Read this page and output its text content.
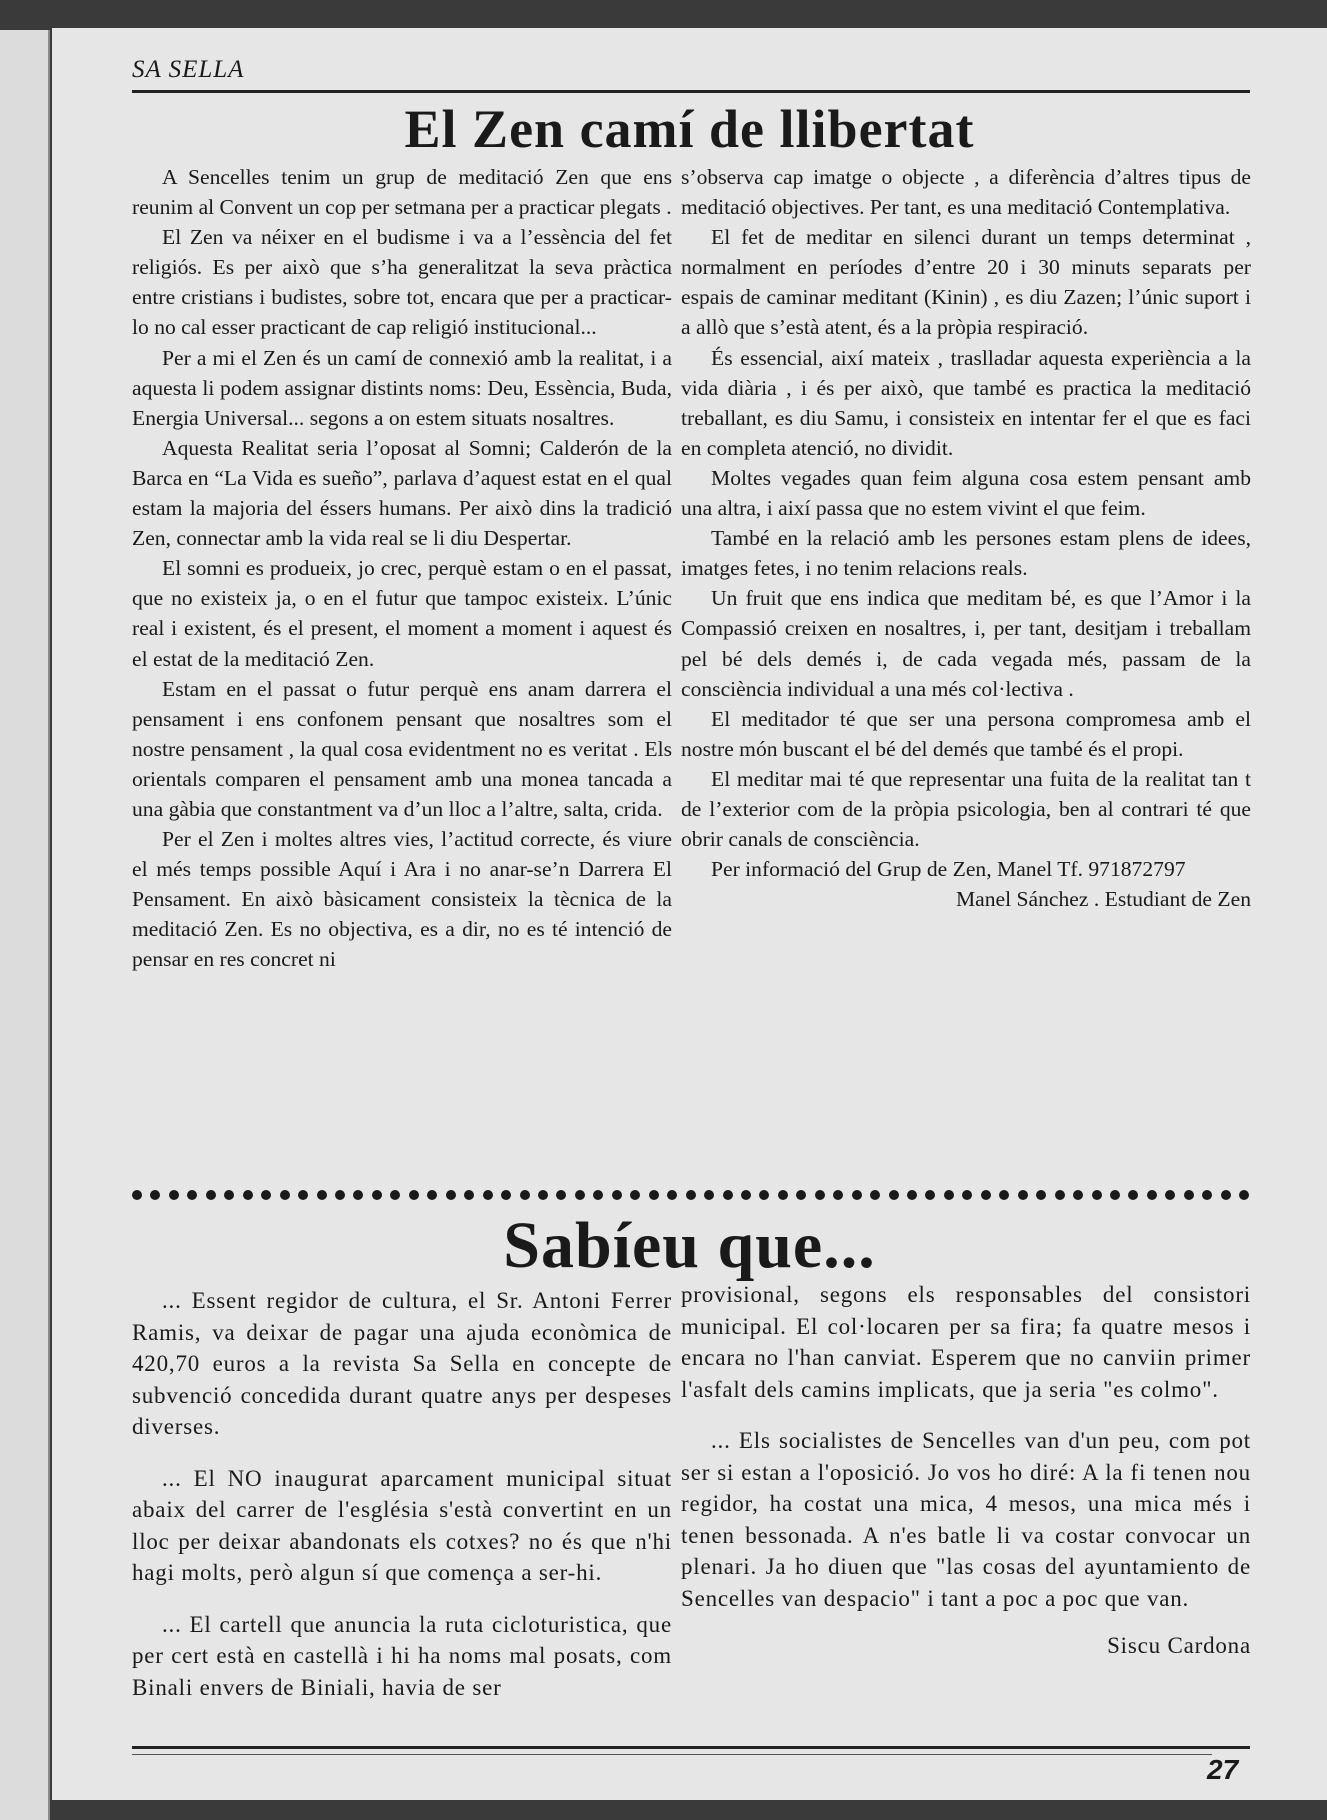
SA SELLA
El Zen camí de llibertat

A Sencelles tenim un grup de meditació Zen que ens reunim al Convent un cop per setmana per a practicar plegats .

El Zen va néixer en el budisme i va a l’essència del fet religiós. Es per això que s’ha generalitzat la seva pràctica entre cristians i budistes, sobre tot, encara que per a practicar-lo no cal esser practicant de cap religió institucional...

Per a mi el Zen és un camí de connexió amb la realitat, i a aquesta li podem assignar distints noms: Deu, Essència, Buda, Energia Universal... segons a on estem situats nosaltres.

Aquesta Realitat seria l’oposat al Somni; Calderón de la Barca en “La Vida es sueño”, parlava d’aquest estat en el qual estam la majoria del éssers humans. Per això dins la tradició Zen, connectar amb la vida real se li diu Despertar.

El somni es produeix, jo crec, perquè estam o en el passat, que no existeix ja, o en el futur que tampoc existeix. L’únic real i existent, és el present, el moment a moment i aquest és el estat de la meditació Zen.

Estam en el passat o futur perquè ens anam darrera el pensament i ens confonem pensant que nosaltres som el nostre pensament , la qual cosa evidentment no es veritat . Els orientals comparen el pensament amb una monea tancada a una gàbia que constantment va d’un lloc a l’altre, salta, crida.

Per el Zen i moltes altres vies, l’actitud correcte, és viure el més temps possible Aquí i Ara i no anar-se’n Darrera El Pensament. En això bàsicament consisteix la tècnica de la meditació Zen. Es no objectiva, es a dir, no es té intenció de pensar en res concret ni

s’observa cap imatge o objecte , a diferència d’altres tipus de meditació objectives. Per tant, es una meditació Contemplativa.

El fet de meditar en silenci durant un temps determinat , normalment en períodes d’entre 20 i 30 minuts separats per espais de caminar meditant (Kinin) , es diu Zazen; l’únic suport i a allò que s’està atent, és a la pròpia respiració.

És essencial, així mateix , traslladar aquesta experiència a la vida diària , i és per això, que també es practica la meditació treballant, es diu Samu, i consisteix en intentar fer el que es faci en completa atenció, no dividit.

Moltes vegades quan feim alguna cosa estem pensant amb una altra, i així passa que no estem vivint el que feim.

També en la relació amb les persones estam plens de idees, imatges fetes, i no tenim relacions reals.

Un fruit que ens indica que meditam bé, es que l’Amor i la Compassió creixen en nosaltres, i, per tant, desitjam i treballam pel bé dels demés i, de cada vegada més, passam de la consciència individual a una més col·lectiva .

El meditador té que ser una persona compromesa amb el nostre món buscant el bé del demés que també és el propi.

El meditar mai té que representar una fuita de la realitat tan t de l’exterior com de la pròpia psicologia, ben al contrari té que obrir canals de consciència.

Per informació del Grup de Zen, Manel Tf. 971872797

Manel Sánchez . Estudiant de Zen

Sabíeu que...

... Essent regidor de cultura, el Sr. Antoni Ferrer Ramis, va deixar de pagar una ajuda econòmica de 420,70 euros a la revista Sa Sella en concepte de subvenció concedida durant quatre anys per despeses diverses.

... El NO inaugurat aparcament municipal situat abaix del carrer de l'església s'està convertint en un lloc per deixar abandonats els cotxes? no és que n'hi hagi molts, però algun sí que comença a ser-hi.

... El cartell que anuncia la ruta cicloturistica, que per cert està en castellà i hi ha noms mal posats, com Binali envers de Biniali, havia de ser

provisional, segons els responsables del consistori municipal. El col·locaren per sa fira; fa quatre mesos i encara no l'han canviat. Esperem que no canviin primer l'asfalt dels camins implicats, que ja seria "es colmo".

... Els socialistes de Sencelles van d'un peu, com pot ser si estan a l'oposició. Jo vos ho diré: A la fi tenen nou regidor, ha costat una mica, 4 mesos, una mica més i tenen bessonada. A n'es batle li va costar convocar un plenari. Ja ho diuen que "las cosas del ayuntamiento de Sencelles van despacio" i tant a poc a poc que van.

Siscu Cardona

27
